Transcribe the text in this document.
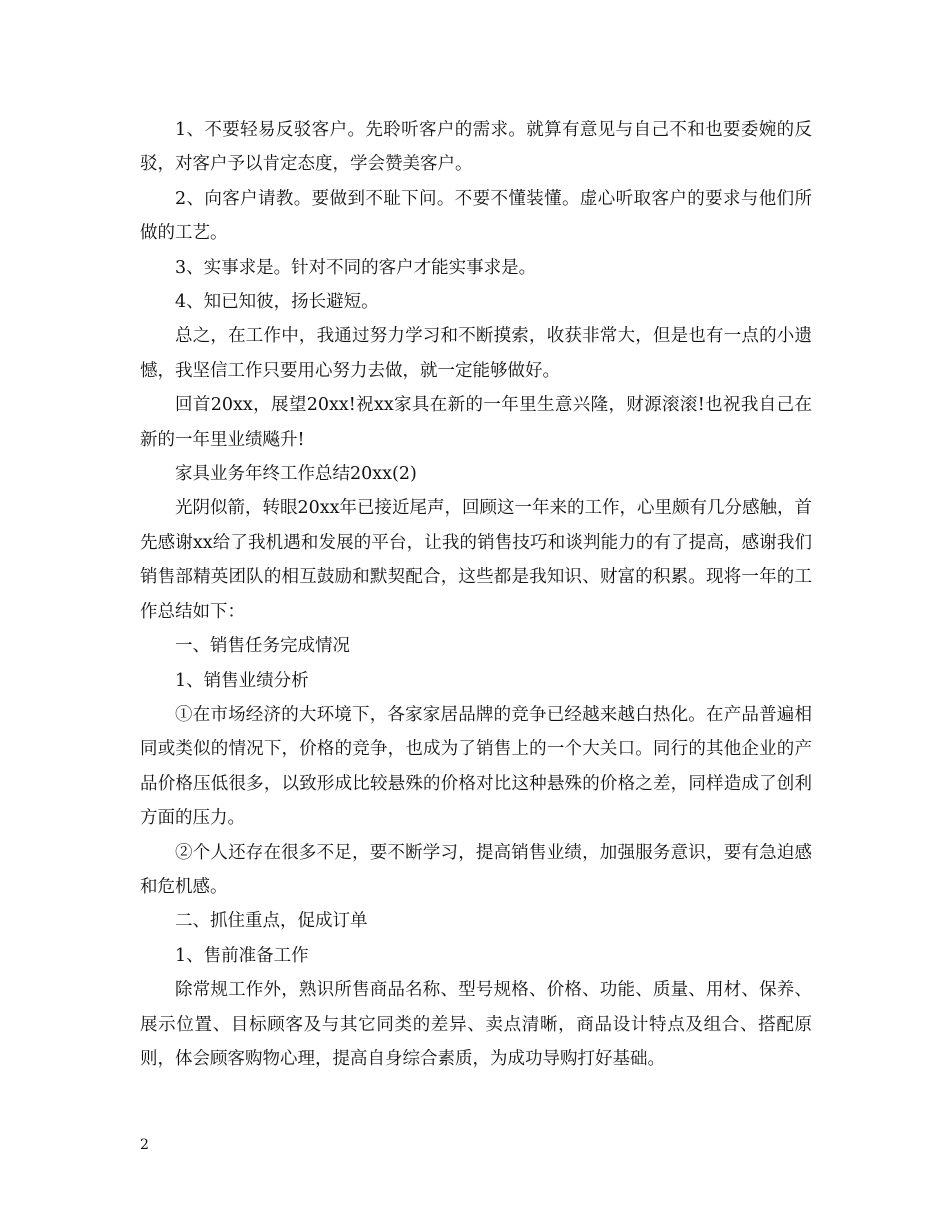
1、不要轻易反驳客户。先聆听客户的需求。就算有意见与自己不和也要委婉的反驳，对客户予以肯定态度，学会赞美客户。

2、向客户请教。要做到不耻下问。不要不懂装懂。虚心听取客户的要求与他们所做的工艺。

3、实事求是。针对不同的客户才能实事求是。

4、知已知彼，扬长避短。

总之，在工作中，我通过努力学习和不断摸索，收获非常大，但是也有一点的小遗憾，我坚信工作只要用心努力去做，就一定能够做好。

回首20xx，展望20xx!祝xx家具在新的一年里生意兴隆，财源滚滚!也祝我自己在新的一年里业绩飚升!

家具业务年终工作总结20xx(2)

光阴似箭，转眼20xx年已接近尾声，回顾这一年来的工作，心里颇有几分感触，首先感谢xx给了我机遇和发展的平台，让我的销售技巧和谈判能力的有了提高，感谢我们销售部精英团队的相互鼓励和默契配合，这些都是我知识、财富的积累。现将一年的工作总结如下：

一、销售任务完成情况

1、销售业绩分析

①在市场经济的大环境下，各家家居品牌的竞争已经越来越白热化。在产品普遍相同或类似的情况下，价格的竞争，也成为了销售上的一个大关口。同行的其他企业的产品价格压低很多，以致形成比较悬殊的价格对比这种悬殊的价格之差，同样造成了创利方面的压力。

②个人还存在很多不足，要不断学习，提高销售业绩，加强服务意识，要有急迫感和危机感。

二、抓住重点，促成订单

1、售前准备工作

除常规工作外，熟识所售商品名称、型号规格、价格、功能、质量、用材、保养、展示位置、目标顾客及与其它同类的差异、卖点清晰，商品设计特点及组合、搭配原则，体会顾客购物心理，提高自身综合素质，为成功导购打好基础。

2
